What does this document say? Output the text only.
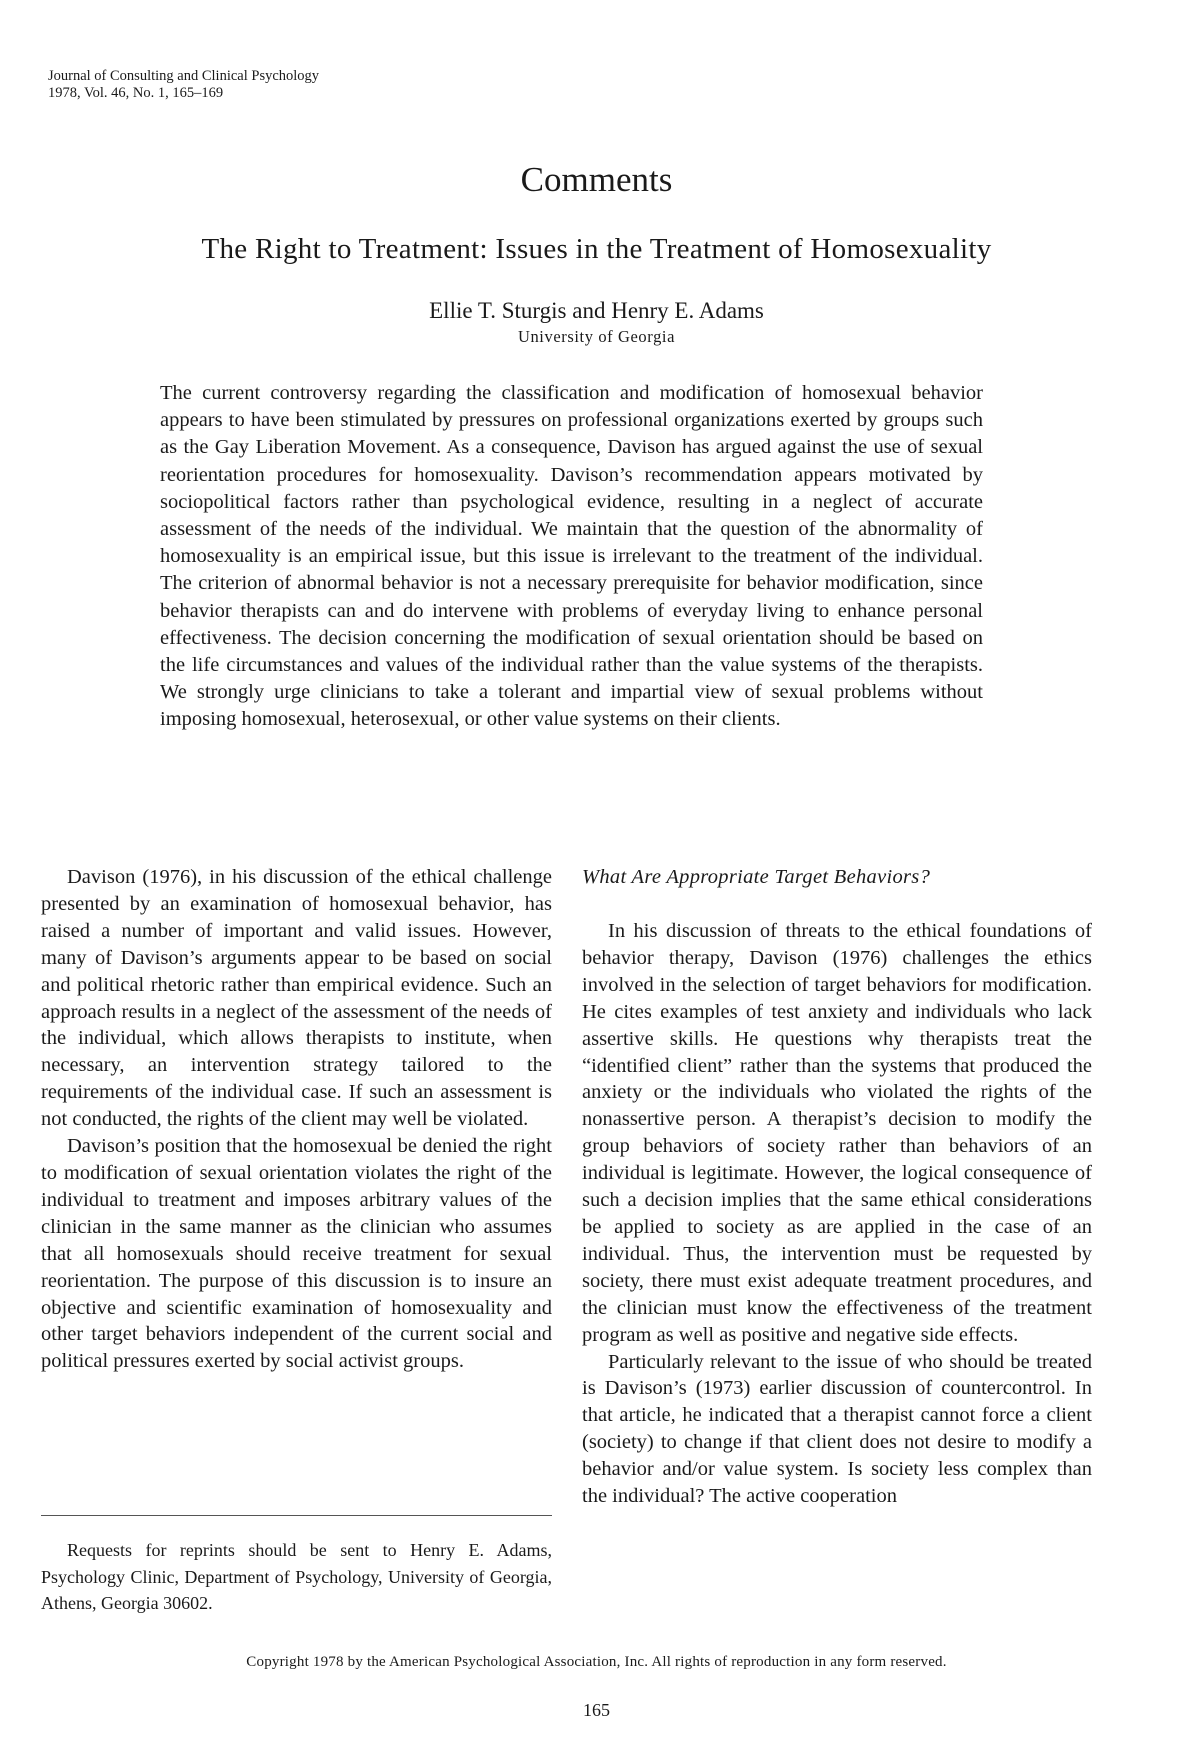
Journal of Consulting and Clinical Psychology
1978, Vol. 46, No. 1, 165–169
Comments
The Right to Treatment: Issues in the Treatment of Homosexuality
Ellie T. Sturgis and Henry E. Adams
University of Georgia

The current controversy regarding the classification and modification of homosexual behavior appears to have been stimulated by pressures on professional organizations exerted by groups such as the Gay Liberation Movement. As a consequence, Davison has argued against the use of sexual reorientation procedures for homosexuality. Davison’s recommendation appears motivated by sociopolitical factors rather than psychological evidence, resulting in a neglect of accurate assessment of the needs of the individual. We maintain that the question of the abnormality of homosexuality is an empirical issue, but this issue is irrelevant to the treatment of the individual. The criterion of abnormal behavior is not a necessary prerequisite for behavior modification, since behavior therapists can and do intervene with problems of everyday living to enhance personal effectiveness. The decision concerning the modification of sexual orientation should be based on the life circumstances and values of the individual rather than the value systems of the therapists. We strongly urge clinicians to take a tolerant and impartial view of sexual problems without imposing homosexual, heterosexual, or other value systems on their clients.

Davison (1976), in his discussion of the ethical challenge presented by an examination of homosexual behavior, has raised a number of important and valid issues. However, many of Davison’s arguments appear to be based on social and political rhetoric rather than empirical evidence. Such an approach results in a neglect of the assessment of the needs of the individual, which allows therapists to institute, when necessary, an intervention strategy tailored to the requirements of the individual case. If such an assessment is not conducted, the rights of the client may well be violated.

Davison’s position that the homosexual be denied the right to modification of sexual orientation violates the right of the individual to treatment and imposes arbitrary values of the clinician in the same manner as the clinician who assumes that all homosexuals should receive treatment for sexual reorientation. The purpose of this discussion is to insure an objective and scientific examination of homosexuality and other target behaviors independent of the current social and political pressures exerted by social activist groups.

Requests for reprints should be sent to Henry E. Adams, Psychology Clinic, Department of Psychology, University of Georgia, Athens, Georgia 30602.

What Are Appropriate Target Behaviors?

In his discussion of threats to the ethical foundations of behavior therapy, Davison (1976) challenges the ethics involved in the selection of target behaviors for modification. He cites examples of test anxiety and individuals who lack assertive skills. He questions why therapists treat the “identified client” rather than the systems that produced the anxiety or the individuals who violated the rights of the nonassertive person. A therapist’s decision to modify the group behaviors of society rather than behaviors of an individual is legitimate. However, the logical consequence of such a decision implies that the same ethical considerations be applied to society as are applied in the case of an individual. Thus, the intervention must be requested by society, there must exist adequate treatment procedures, and the clinician must know the effectiveness of the treatment program as well as positive and negative side effects.

Particularly relevant to the issue of who should be treated is Davison’s (1973) earlier discussion of countercontrol. In that article, he indicated that a therapist cannot force a client (society) to change if that client does not desire to modify a behavior and/or value system. Is society less complex than the individual? The active cooperation

Copyright 1978 by the American Psychological Association, Inc. All rights of reproduction in any form reserved.
165
